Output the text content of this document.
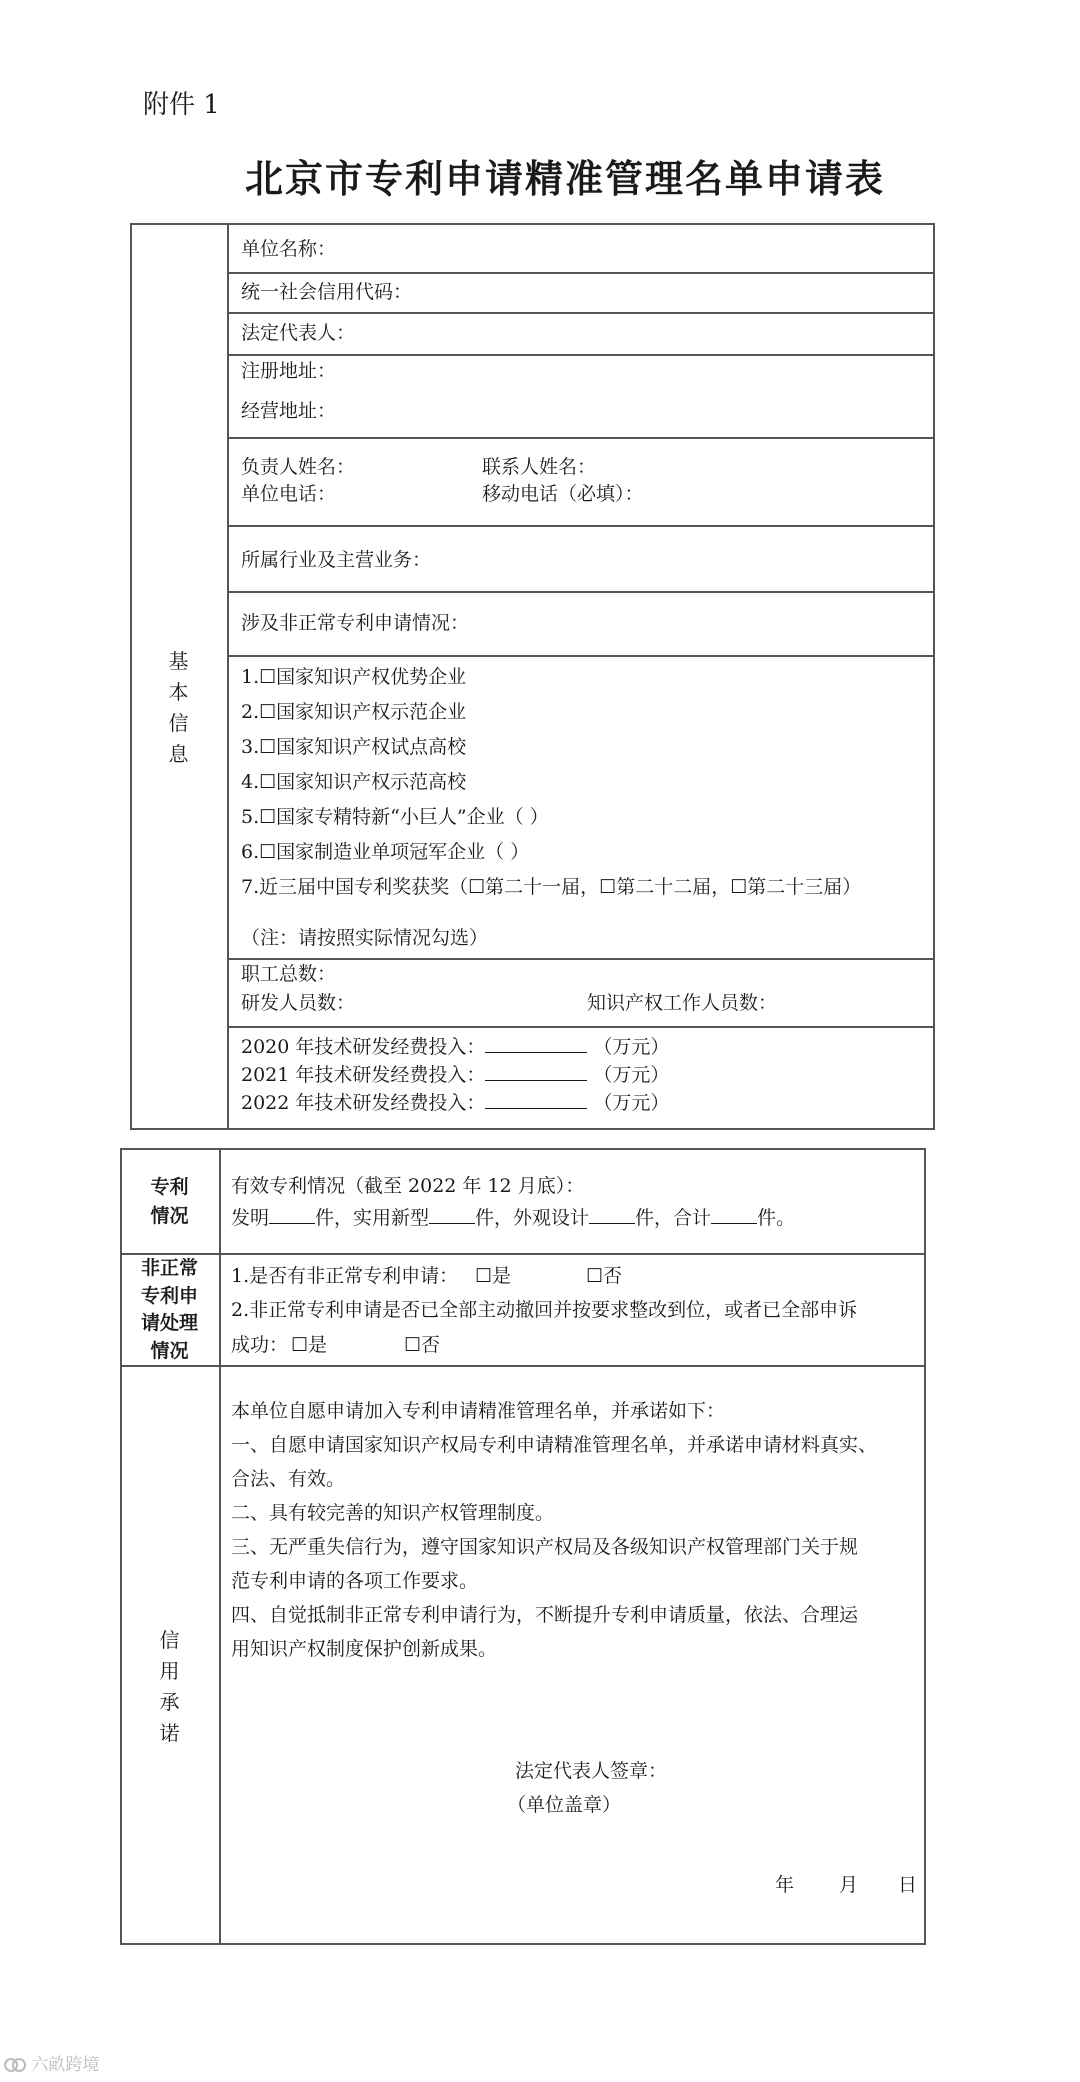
附件 1
北京市专利申请精准管理名单申请表
基
本
信
息
单位名称：
统一社会信用代码：
法定代表人：
注册地址：
经营地址：
负责人姓名：	联系人姓名：
单位电话：	移动电话（必填）：
所属行业及主营业务：
涉及非正常专利申请情况：
1.☐国家知识产权优势企业
2.☐国家知识产权示范企业
3.☐国家知识产权试点高校
4.☐国家知识产权示范高校
5.☐国家专精特新“小巨人”企业（ ）
6.☐国家制造业单项冠军企业（ ）
7.近三届中国专利奖获奖（☐第二十一届，☐第二十二届，☐第二十三届）
（注：请按照实际情况勾选）
职工总数：
研发人员数：	知识产权工作人员数：
2020 年技术研发经费投入：	（万元）
2021 年技术研发经费投入：	（万元）
2022 年技术研发经费投入：	（万元）
专利
情况
有效专利情况（截至 2022 年 12 月底）：
发明 件，实用新型 件，外观设计 件，合计 件。
非正常
专利申
请处理
情况
1.是否有非正常专利申请： ☐是	☐否
2.非正常专利申请是否已全部主动撤回并按要求整改到位，或者已全部申诉
成功： ☐是	☐否
信
用
承
诺
本单位自愿申请加入专利申请精准管理名单，并承诺如下：
一、自愿申请国家知识产权局专利申请精准管理名单，并承诺申请材料真实、
合法、有效。
二、具有较完善的知识产权管理制度。
三、无严重失信行为，遵守国家知识产权局及各级知识产权管理部门关于规
范专利申请的各项工作要求。
四、自觉抵制非正常专利申请行为，不断提升专利申请质量，依法、合理运
用知识产权制度保护创新成果。
法定代表人签章：
（单位盖章）
年 月 日
六畝跨境
